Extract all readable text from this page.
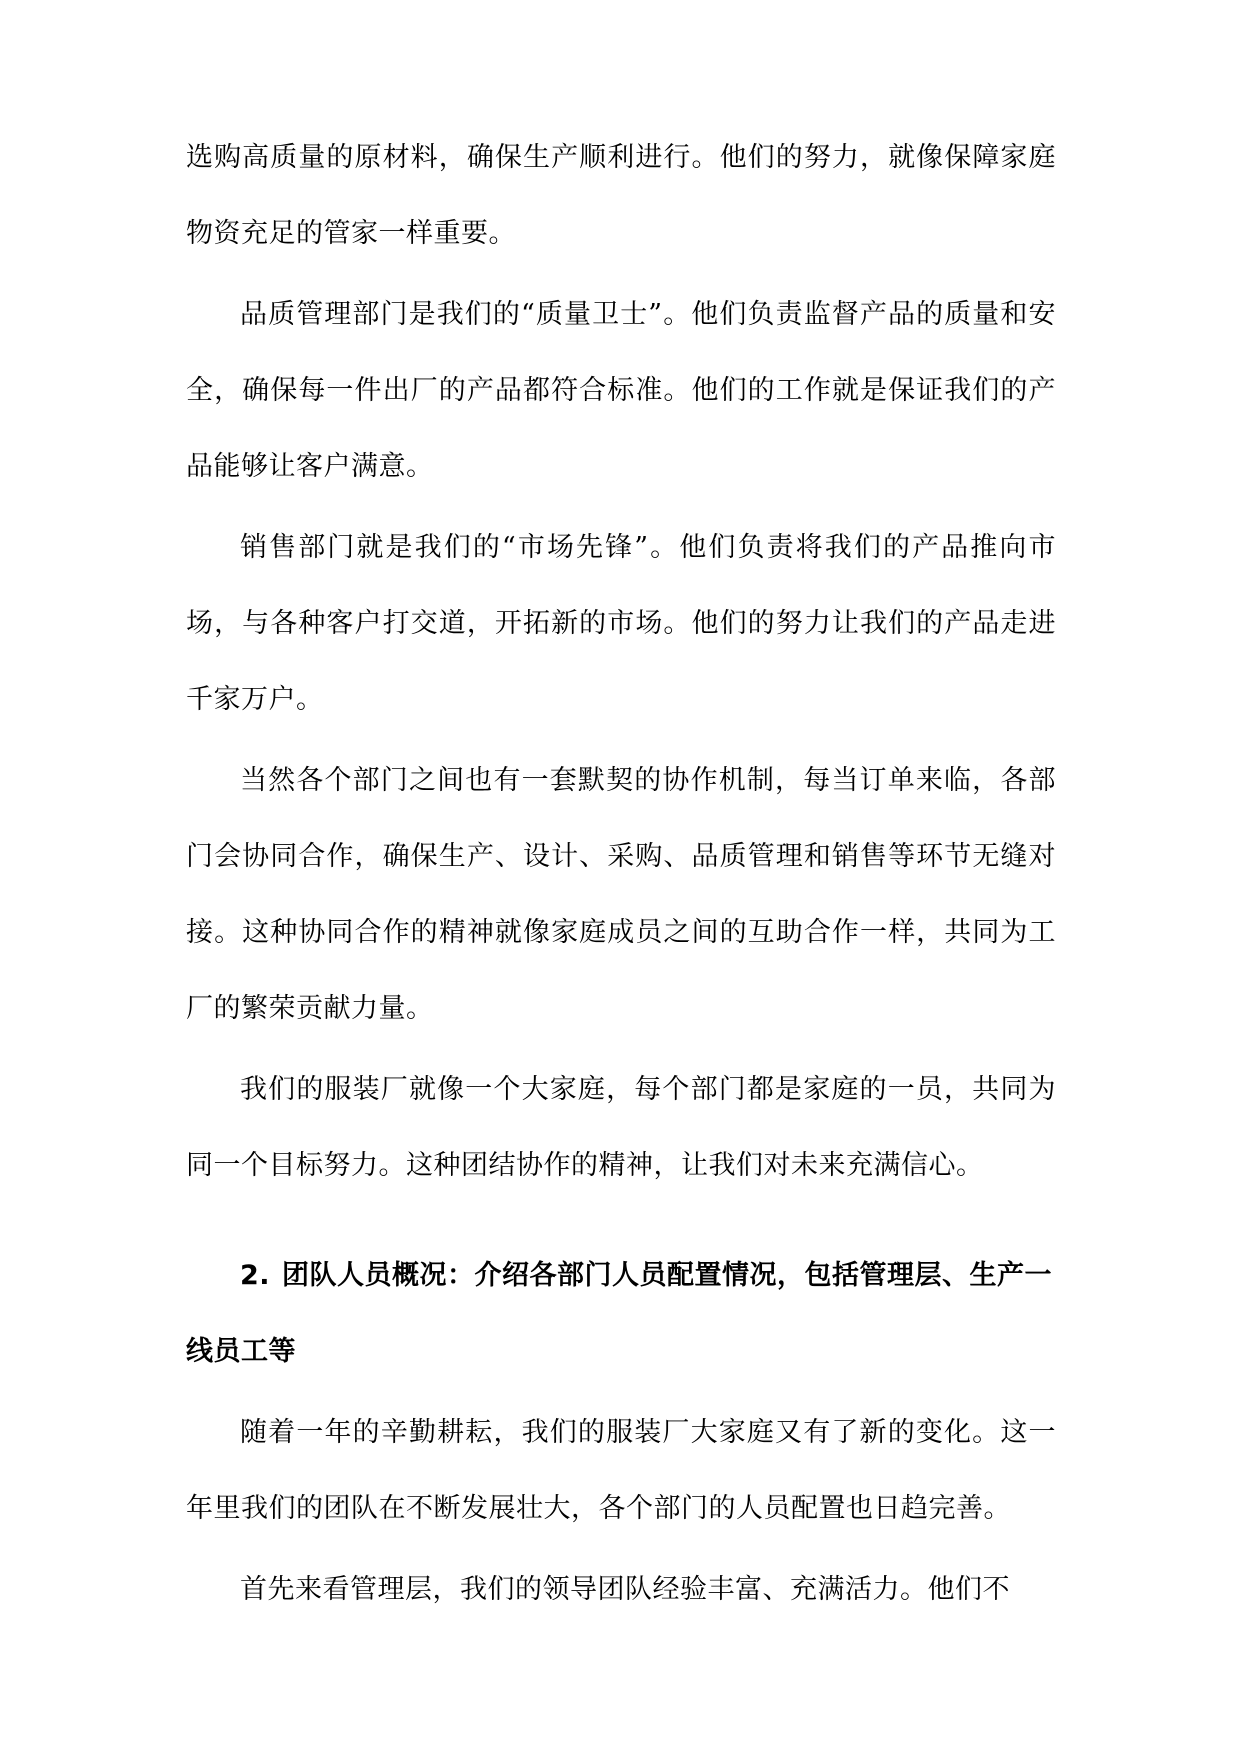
选购高质量的原材料，确保生产顺利进行。他们的努力，就像保障家庭物资充足的管家一样重要。

品质管理部门是我们的“质量卫士”。他们负责监督产品的质量和安全，确保每一件出厂的产品都符合标准。他们的工作就是保证我们的产品能够让客户满意。

销售部门就是我们的“市场先锋”。他们负责将我们的产品推向市场，与各种客户打交道，开拓新的市场。他们的努力让我们的产品走进千家万户。

当然各个部门之间也有一套默契的协作机制，每当订单来临，各部门会协同合作，确保生产、设计、采购、品质管理和销售等环节无缝对接。这种协同合作的精神就像家庭成员之间的互助合作一样，共同为工厂的繁荣贡献力量。

我们的服装厂就像一个大家庭，每个部门都是家庭的一员，共同为同一个目标努力。这种团结协作的精神，让我们对未来充满信心。

2. 团队人员概况：介绍各部门人员配置情况，包括管理层、生产一线员工等

随着一年的辛勤耕耘，我们的服装厂大家庭又有了新的变化。这一年里我们的团队在不断发展壮大，各个部门的人员配置也日趋完善。

首先来看管理层，我们的领导团队经验丰富、充满活力。他们不
